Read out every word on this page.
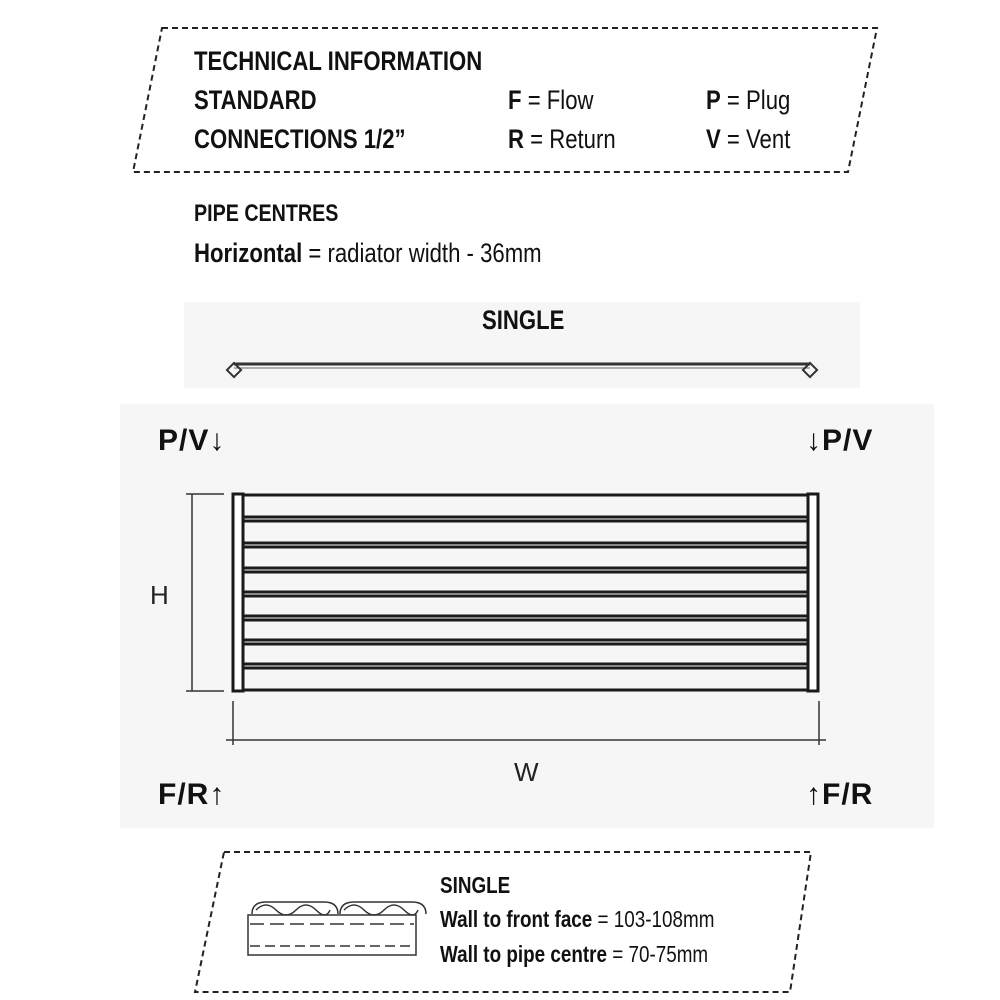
TECHNICAL INFORMATION
STANDARD
CONNECTIONS 1/2”
F = Flow	P = Plug
R = Return	V = Vent
PIPE CENTRES
Horizontal = radiator width - 36mm
SINGLE
P/V↓	↓P/V
F/R↑	↑F/R
H
W
SINGLE
Wall to front face = 103-108mm
Wall to pipe centre = 70-75mm
